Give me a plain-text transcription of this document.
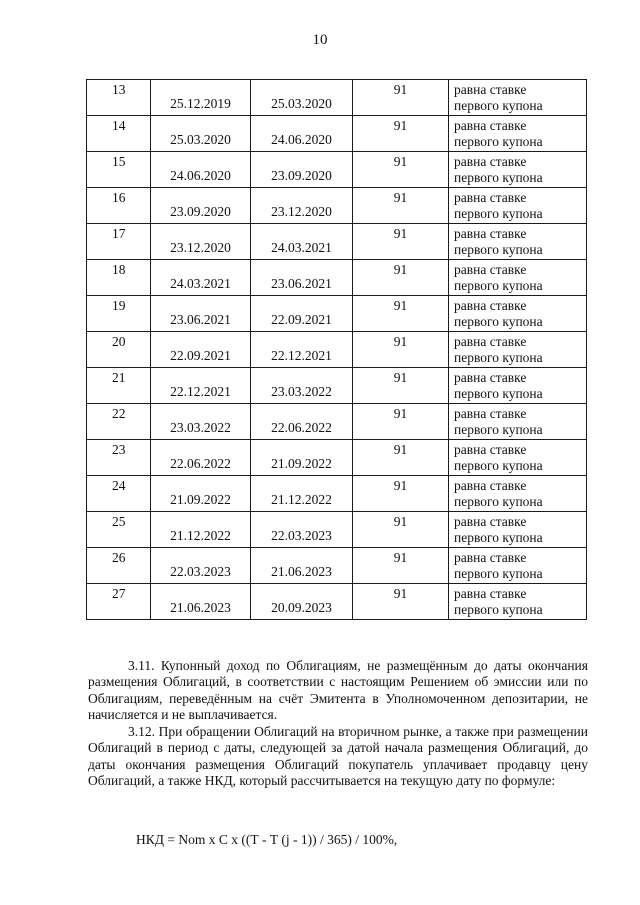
10
13	25.12.2019	25.03.2020	91	равна ставке
первого купона

14	25.03.2020	24.06.2020	91	равна ставке
первого купона

15	24.06.2020	23.09.2020	91	равна ставке
первого купона

16	23.09.2020	23.12.2020	91	равна ставке
первого купона

17	23.12.2020	24.03.2021	91	равна ставке
первого купона

18	24.03.2021	23.06.2021	91	равна ставке
первого купона

19	23.06.2021	22.09.2021	91	равна ставке
первого купона

20	22.09.2021	22.12.2021	91	равна ставке
первого купона

21	22.12.2021	23.03.2022	91	равна ставке
первого купона

22	23.03.2022	22.06.2022	91	равна ставке
первого купона

23	22.06.2022	21.09.2022	91	равна ставке
первого купона

24	21.09.2022	21.12.2022	91	равна ставке
первого купона

25	21.12.2022	22.03.2023	91	равна ставке
первого купона

26	22.03.2023	21.06.2023	91	равна ставке
первого купона

27	21.06.2023	20.09.2023	91	равна ставке
первого купона

3.11. Купонный доход по Облигациям, не размещённым до даты окончания размещения Облигаций, в соответствии с настоящим Решением об эмиссии или по Облигациям, переведённым на счёт Эмитента в Уполномоченном депозитарии, не начисляется и не выплачивается.

3.12. При обращении Облигаций на вторичном рынке, а также при размещении Облигаций в период с даты, следующей за датой начала размещения Облигаций, до даты окончания размещения Облигаций покупатель уплачивает продавцу цену Облигаций, а также НКД, который рассчитывается на текущую дату по формуле:

НКД = Nom х С х ((Т - Т (j - 1)) / 365) / 100%,
